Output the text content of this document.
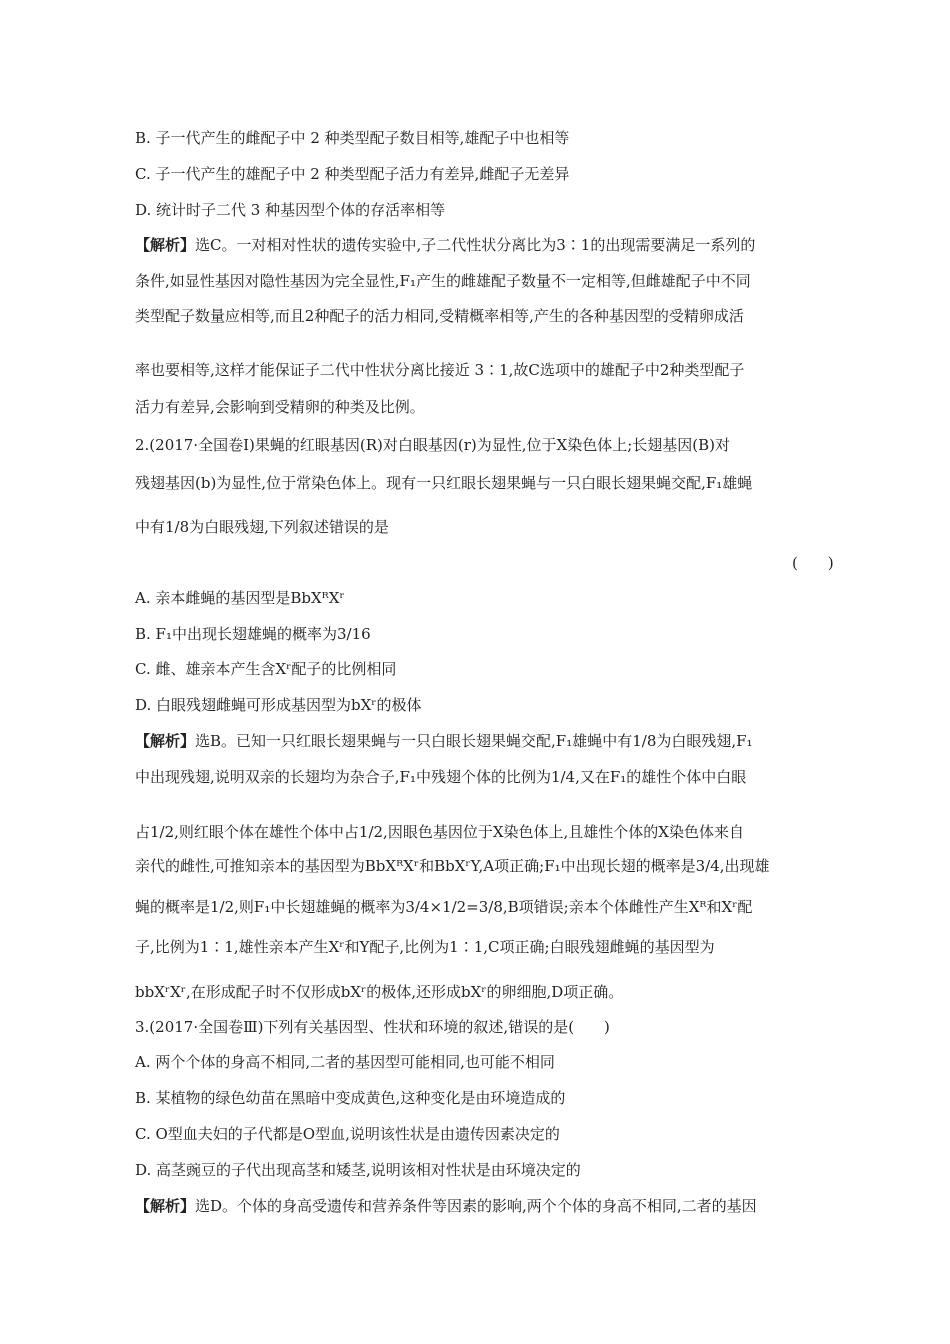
B. 子一代产生的雌配子中 2 种类型配子数目相等,雄配子中也相等
C. 子一代产生的雄配子中 2 种类型配子活力有差异,雌配子无差异
D. 统计时子二代 3 种基因型个体的存活率相等
【解析】选C。一对相对性状的遗传实验中,子二代性状分离比为3∶1的出现需要满足一系列的
条件,如显性基因对隐性基因为完全显性,F₁产生的雌雄配子数量不一定相等,但雌雄配子中不同
类型配子数量应相等,而且2种配子的活力相同,受精概率相等,产生的各种基因型的受精卵成活
率也要相等,这样才能保证子二代中性状分离比接近 3∶1,故C选项中的雄配子中2种类型配子
活力有差异,会影响到受精卵的种类及比例。
2.(2017·全国卷Ⅰ)果蝇的红眼基因(R)对白眼基因(r)为显性,位于X染色体上;长翅基因(B)对
残翅基因(b)为显性,位于常染色体上。现有一只红眼长翅果蝇与一只白眼长翅果蝇交配,F₁雄蝇
中有1/8为白眼残翅,下列叙述错误的是
(　　)
A. 亲本雌蝇的基因型是BbXᴿXʳ
B. F₁中出现长翅雄蝇的概率为3/16
C. 雌、雄亲本产生含Xʳ配子的比例相同
D. 白眼残翅雌蝇可形成基因型为bXʳ的极体
【解析】选B。已知一只红眼长翅果蝇与一只白眼长翅果蝇交配,F₁雄蝇中有1/8为白眼残翅,F₁
中出现残翅,说明双亲的长翅均为杂合子,F₁中残翅个体的比例为1/4,又在F₁的雄性个体中白眼
占1/2,则红眼个体在雄性个体中占1/2,因眼色基因位于X染色体上,且雄性个体的X染色体来自
亲代的雌性,可推知亲本的基因型为BbXᴿXʳ和BbXʳY,A项正确;F₁中出现长翅的概率是3/4,出现雄
蝇的概率是1/2,则F₁中长翅雄蝇的概率为3/4×1/2=3/8,B项错误;亲本个体雌性产生Xᴿ和Xʳ配
子,比例为1∶1,雄性亲本产生Xʳ和Y配子,比例为1∶1,C项正确;白眼残翅雌蝇的基因型为
bbXʳXʳ,在形成配子时不仅形成bXʳ的极体,还形成bXʳ的卵细胞,D项正确。
3.(2017·全国卷Ⅲ)下列有关基因型、性状和环境的叙述,错误的是(　　)
A. 两个个体的身高不相同,二者的基因型可能相同,也可能不相同
B. 某植物的绿色幼苗在黑暗中变成黄色,这种变化是由环境造成的
C. O型血夫妇的子代都是O型血,说明该性状是由遗传因素决定的
D. 高茎豌豆的子代出现高茎和矮茎,说明该相对性状是由环境决定的
【解析】选D。个体的身高受遗传和营养条件等因素的影响,两个个体的身高不相同,二者的基因
